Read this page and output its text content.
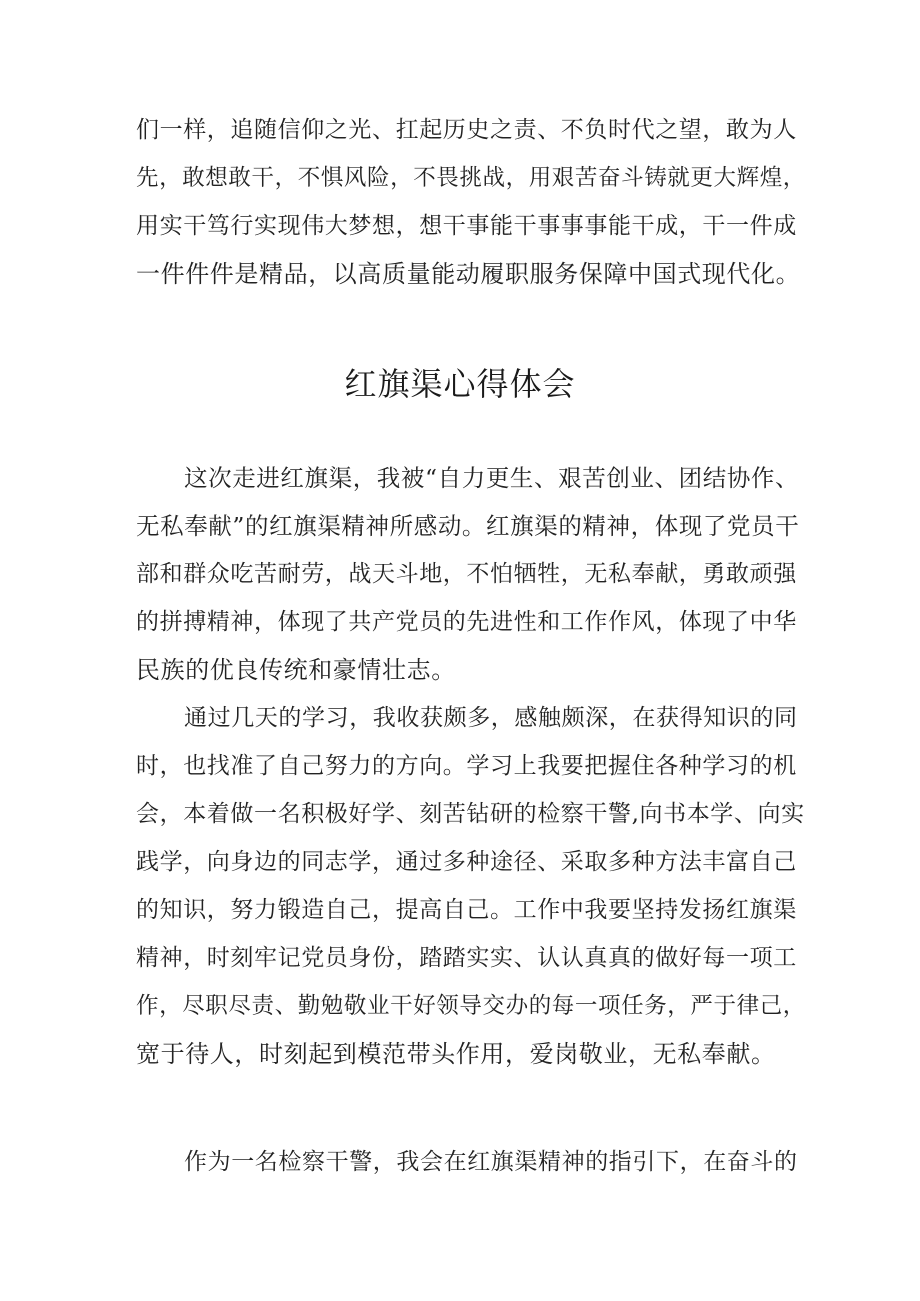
们一样，追随信仰之光、扛起历史之责、不负时代之望，敢为人
先，敢想敢干，不惧风险，不畏挑战，用艰苦奋斗铸就更大辉煌，
用实干笃行实现伟大梦想，想干事能干事事事能干成，干一件成
一件件件是精品，以高质量能动履职服务保障中国式现代化。
红旗渠心得体会
这次走进红旗渠，我被“自力更生、艰苦创业、团结协作、
无私奉献”的红旗渠精神所感动。红旗渠的精神，体现了党员干
部和群众吃苦耐劳，战天斗地，不怕牺牲，无私奉献，勇敢顽强
的拼搏精神，体现了共产党员的先进性和工作作风，体现了中华
民族的优良传统和豪情壮志。
通过几天的学习，我收获颇多，感触颇深，在获得知识的同
时，也找准了自己努力的方向。学习上我要把握住各种学习的机
会，本着做一名积极好学、刻苦钻研的检察干警,向书本学、向实
践学，向身边的同志学，通过多种途径、采取多种方法丰富自己
的知识，努力锻造自己，提高自己。工作中我要坚持发扬红旗渠
精神，时刻牢记党员身份，踏踏实实、认认真真的做好每一项工
作，尽职尽责、勤勉敬业干好领导交办的每一项任务，严于律己，
宽于待人，时刻起到模范带头作用，爱岗敬业，无私奉献。
作为一名检察干警，我会在红旗渠精神的指引下，在奋斗的
